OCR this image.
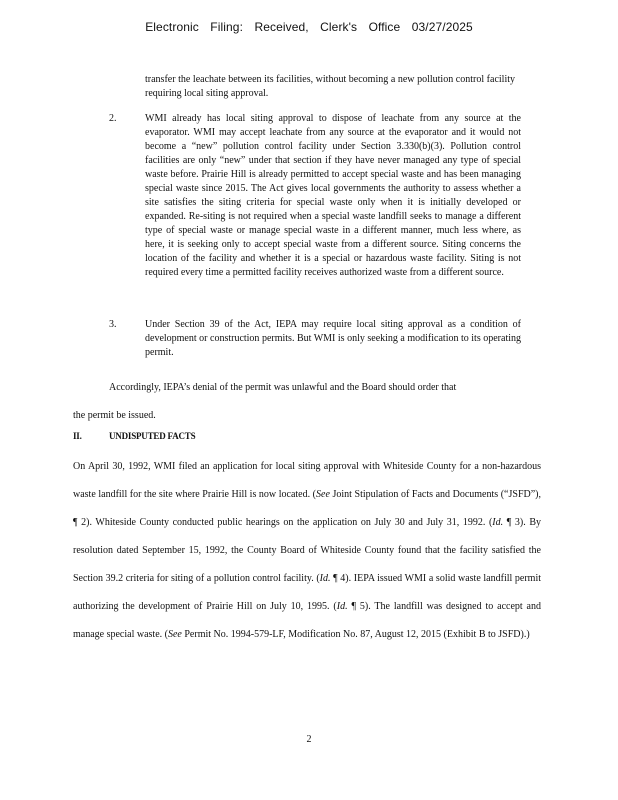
Electronic Filing: Received, Clerk's Office 03/27/2025

transfer the leachate between its facilities, without becoming a new pollution control facility requiring local siting approval.

2.	WMI already has local siting approval to dispose of leachate from any source at the evaporator. WMI may accept leachate from any source at the evaporator and it would not become a “new” pollution control facility under Section 3.330(b)(3). Pollution control facilities are only “new” under that section if they have never managed any type of special waste before. Prairie Hill is already permitted to accept special waste and has been managing special waste since 2015. The Act gives local governments the authority to assess whether a site satisfies the siting criteria for special waste only when it is initially developed or expanded. Re-siting is not required when a special waste landfill seeks to manage a different type of special waste or manage special waste in a different manner, much less where, as here, it is seeking only to accept special waste from a different source. Siting concerns the location of the facility and whether it is a special or hazardous waste facility. Siting is not required every time a permitted facility receives authorized waste from a different source.
3.	Under Section 39 of the Act, IEPA may require local siting approval as a condition of development or construction permits. But WMI is only seeking a modification to its operating permit.
Accordingly, IEPA’s denial of the permit was unlawful and the Board should order that
the permit be issued.
II.	UNDISPUTED FACTS

On April 30, 1992, WMI filed an application for local siting approval with Whiteside County for a non-hazardous waste landfill for the site where Prairie Hill is now located. (See Joint Stipulation of Facts and Documents (“JSFD”), ¶ 2). Whiteside County conducted public hearings on the application on July 30 and July 31, 1992. (Id. ¶ 3). By resolution dated September 15, 1992, the County Board of Whiteside County found that the facility satisfied the Section 39.2 criteria for siting of a pollution control facility. (Id. ¶ 4). IEPA issued WMI a solid waste landfill permit authorizing the development of Prairie Hill on July 10, 1995. (Id. ¶ 5). The landfill was designed to accept and manage special waste. (See Permit No. 1994-579-LF, Modification No. 87, August 12, 2015 (Exhibit B to JSFD).)

2
